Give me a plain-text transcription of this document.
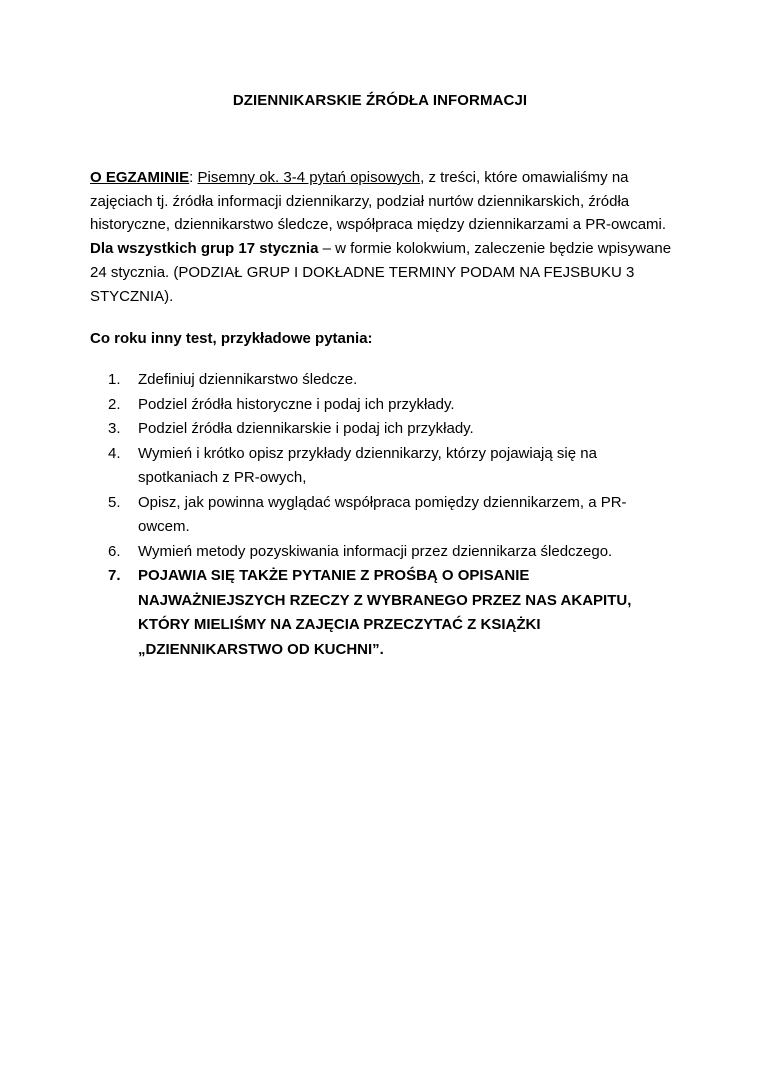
DZIENNIKARSKIE ŹRÓDŁA INFORMACJI

O EGZAMINIE: Pisemny ok. 3-4 pytań opisowych, z treści, które omawialiśmy na zajęciach tj. źródła informacji dziennikarzy, podział nurtów dziennikarskich, źródła historyczne, dziennikarstwo śledcze, współpraca między dziennikarzami a PR-owcami. Dla wszystkich grup 17 stycznia – w formie kolokwium, zaleczenie będzie wpisywane 24 stycznia. (PODZIAŁ GRUP I DOKŁADNE TERMINY PODAM NA FEJSBUKU 3 STYCZNIA).

Co roku inny test, przykładowe pytania:
1. Zdefiniuj dziennikarstwo śledcze.
2. Podziel źródła historyczne i podaj ich przykłady.
3. Podziel źródła dziennikarskie i podaj ich przykłady.
4. Wymień i krótko opisz przykłady dziennikarzy, którzy pojawiają się na spotkaniach z PR-owych,
5. Opisz, jak powinna wyglądać współpraca pomiędzy dziennikarzem, a PR-owcem.
6. Wymień metody pozyskiwania informacji przez dziennikarza śledczego.
7. POJAWIA SIĘ TAKŻE PYTANIE Z PROŚBĄ O OPISANIE NAJWAŻNIEJSZYCH RZECZY Z WYBRANEGO PRZEZ NAS AKAPITU, KTÓRY MIELIŚMY NA ZAJĘCIA PRZECZYTAĆ Z KSIĄŻKI „DZIENNIKARSTWO OD KUCHNI”.
